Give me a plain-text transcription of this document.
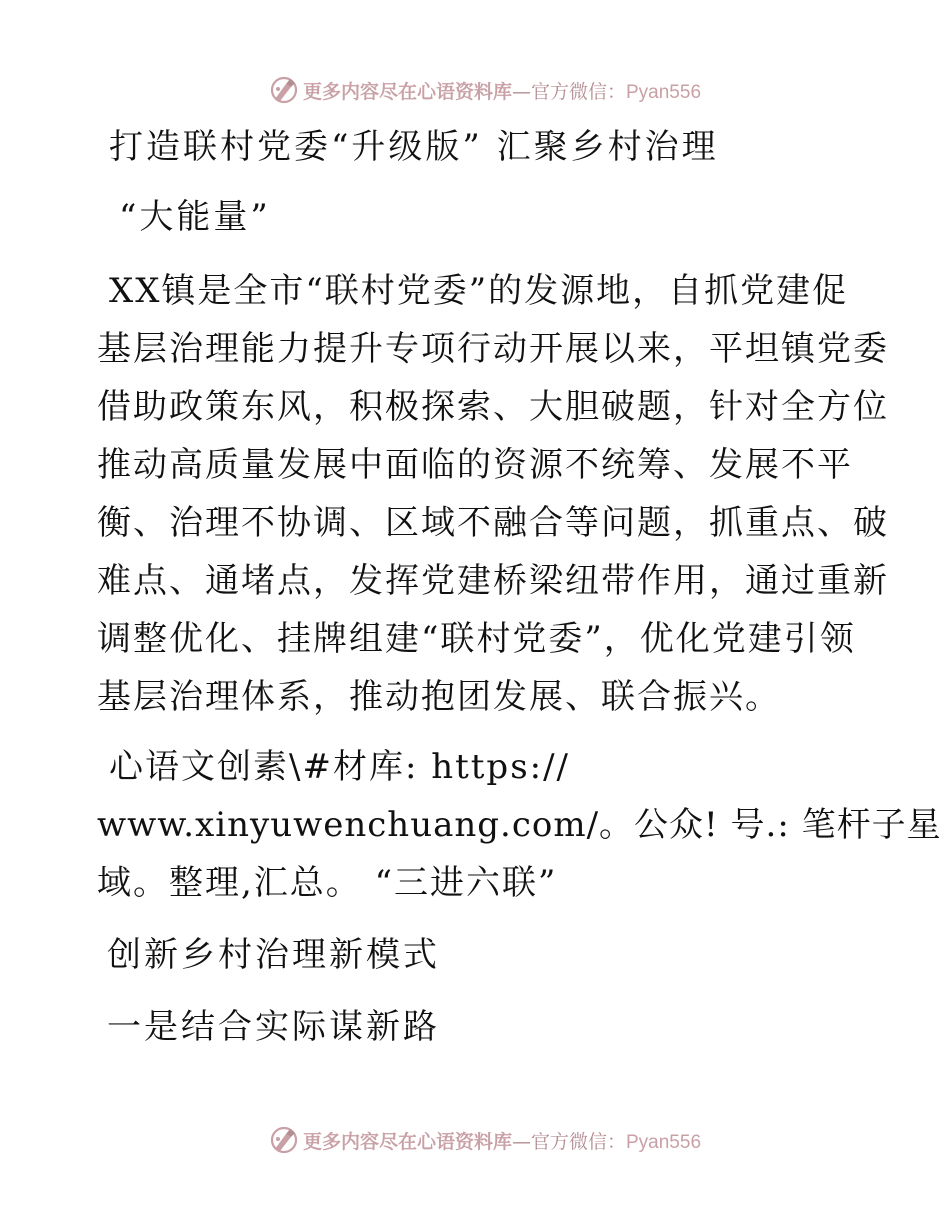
更多内容尽在心语资料库—官方微信：Pyan556
打造联村党委“升级版” 汇聚乡村治理
“大能量”
XX镇是全市“联村党委”的发源地，自抓党建促
基层治理能力提升专项行动开展以来，平坦镇党委
借助政策东风，积极探索、大胆破题，针对全方位
推动高质量发展中面临的资源不统筹、发展不平
衡、治理不协调、区域不融合等问题，抓重点、破
难点、通堵点，发挥党建桥梁纽带作用，通过重新
调整优化、挂牌组建“联村党委”，优化党建引领
基层治理体系，推动抱团发展、联合振兴。
心语文创素\#材库: https://
www.xinyuwenchuang.com/。公众! 号.: 笔杆子星
域。整理,汇总。 “三进六联”
创新乡村治理新模式
一是结合实际谋新路
更多内容尽在心语资料库—官方微信：Pyan556
